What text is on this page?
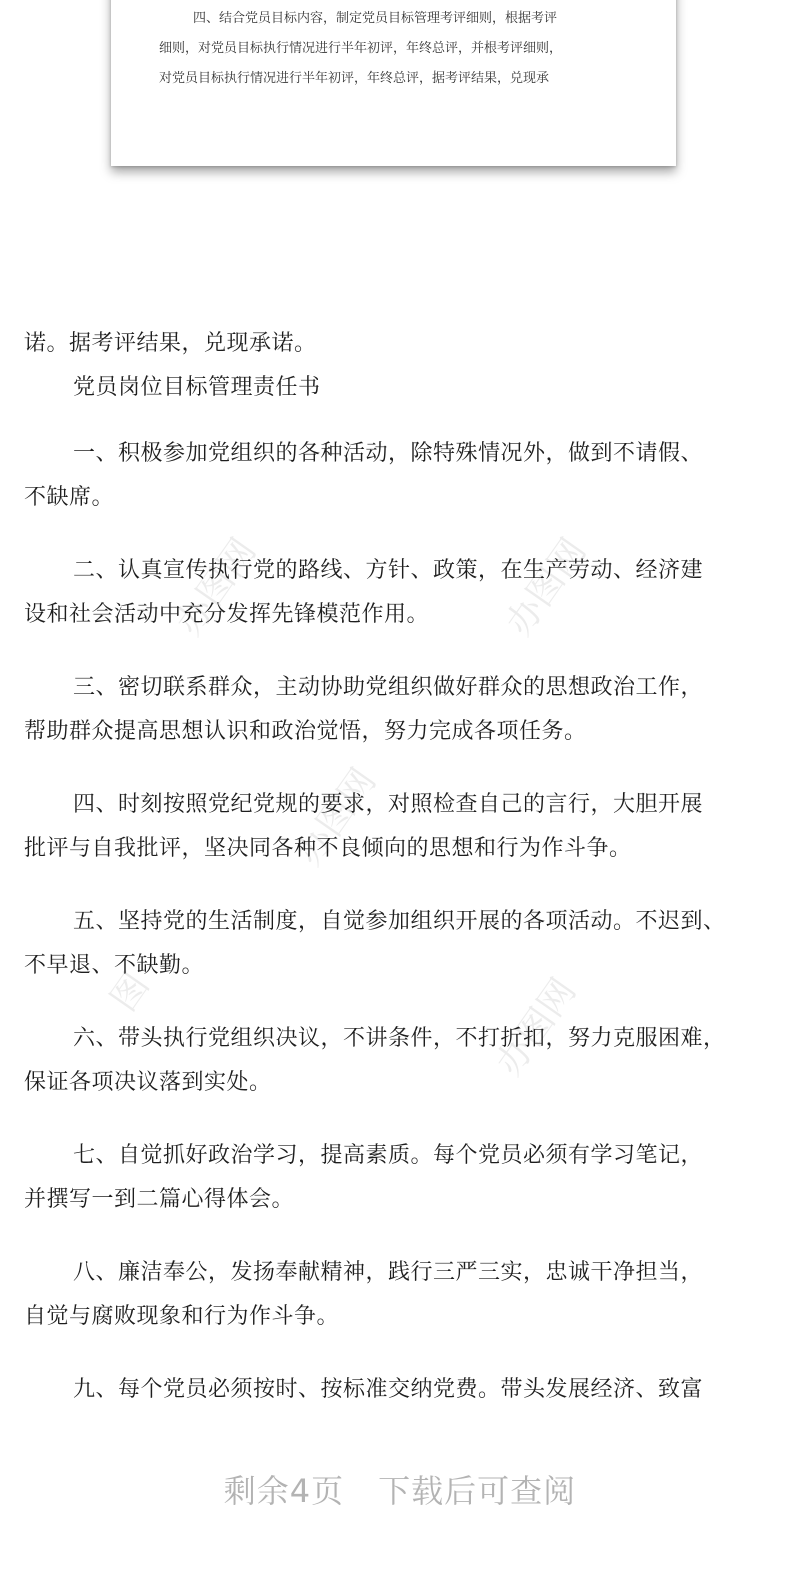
四、结合党员目标内容，制定党员目标管理考评细则，根据考评
细则，对党员目标执行情况进行半年初评，年终总评，并根考评细则，
对党员目标执行情况进行半年初评，年终总评，据考评结果，兑现承
办图网	办图网
办图网
办图网
图
诺。据考评结果，兑现承诺。
党员岗位目标管理责任书
一、积极参加党组织的各种活动，除特殊情况外，做到不请假、
不缺席。
二、认真宣传执行党的路线、方针、政策，在生产劳动、经济建
设和社会活动中充分发挥先锋模范作用。
三、密切联系群众，主动协助党组织做好群众的思想政治工作，
帮助群众提高思想认识和政治觉悟，努力完成各项任务。
四、时刻按照党纪党规的要求，对照检查自己的言行，大胆开展
批评与自我批评，坚决同各种不良倾向的思想和行为作斗争。
五、坚持党的生活制度，自觉参加组织开展的各项活动。不迟到、
不早退、不缺勤。
六、带头执行党组织决议，不讲条件，不打折扣，努力克服困难，
保证各项决议落到实处。
七、自觉抓好政治学习，提高素质。每个党员必须有学习笔记，
并撰写一到二篇心得体会。
八、廉洁奉公，发扬奉献精神，践行三严三实，忠诚干净担当，
自觉与腐败现象和行为作斗争。
九、每个党员必须按时、按标准交纳党费。带头发展经济、致富
剩余4页 下载后可查阅
